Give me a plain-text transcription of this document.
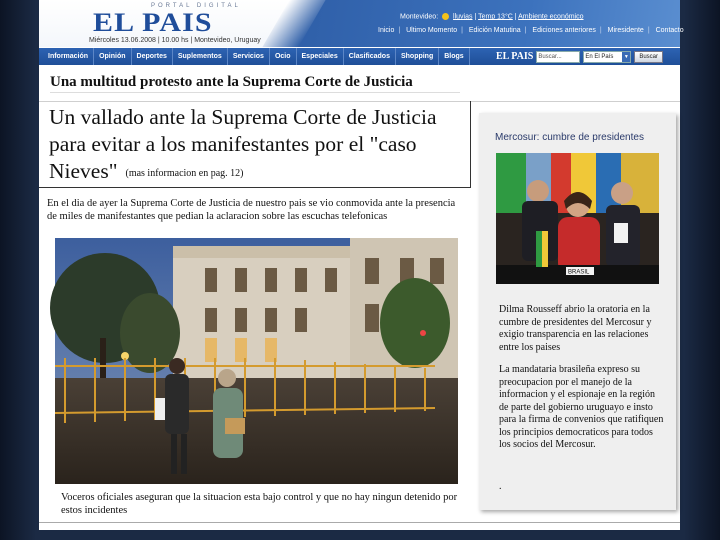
PORTAL DIGITAL
EL PAIS
Miércoles 13.06.2008 | 10.00 hs | Montevideo, Uruguay
Montevideo: lluvias | Temp 13°C | Ambiente económico
Inicio | Ultimo Momento | Edición Matutina | Ediciones anteriores | Miresidente | Contacto
Información	Opinión	Deportes	Suplementos	Servicios	Ocio	Especiales	Clasificados	Shopping	Blogs	EL PAIS Buscar...	En El País	▼	Buscar
Una multitud protesto ante la Suprema Corte de Justicia
Un vallado ante la Suprema Corte de Justicia para evitar a los manifestantes por el "caso Nieves" (mas informacion en pag. 12)
En el dia de ayer la Suprema Corte de Justicia de nuestro pais se vio conmovida ante la presencia de miles de manifestantes que pedian la aclaracion sobre las escuchas telefonicas
Voceros oficiales aseguran que la situacion esta bajo control y que no hay ningun detenido por estos incidentes
Mercosur: cumbre de presidentes
BRASIL

Dilma Rousseff abrio la oratoria en la cumbre de presidentes del Mercosur y exigio transparencia en las relaciones entre los paises

La mandataria brasileña expreso su preocupacion por el manejo de la informacion y el espionaje en la región de parte del gobierno uruguayo e insto para la firma de convenios que ratifiquen los principios democraticos para todos los socios del Mercosur.

.
